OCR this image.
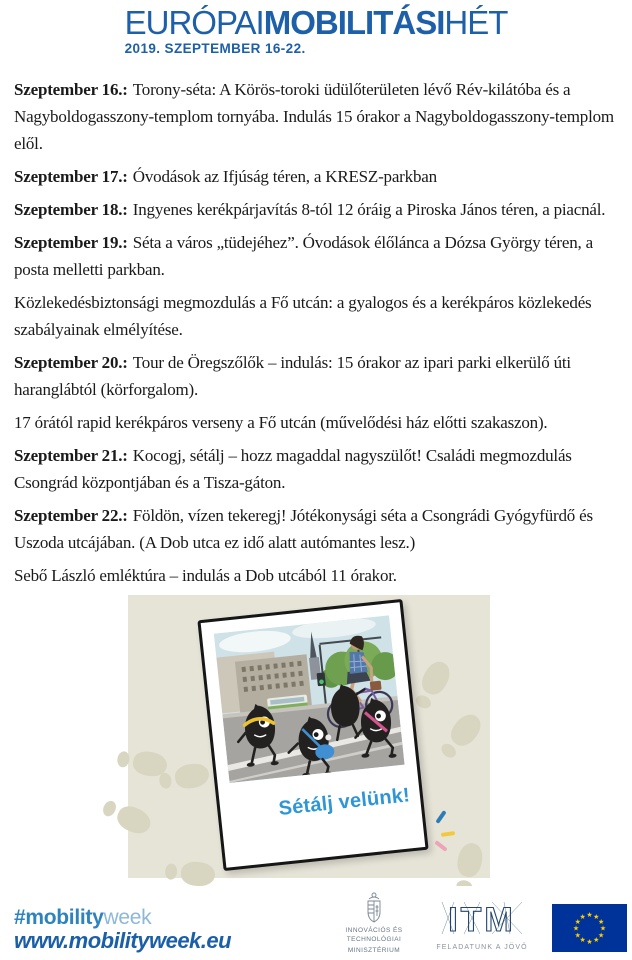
EURÓPAIMOBILITÁSIHÉT
2019. SZEPTEMBER 16-22.

Szeptember 16.: Torony-séta: A Körös-toroki üdülőterületen lévő Rév-kilátóba és a Nagyboldogasszony-templom tornyába. Indulás 15 órakor a Nagyboldogasszony-templom elől.

Szeptember 17.: Óvodások az Ifjúság téren, a KRESZ-parkban

Szeptember 18.: Ingyenes kerékpárjavítás 8-tól 12 óráig a Piroska János téren, a piacnál.

Szeptember 19.: Séta a város „tüdejéhez”. Óvodások élőlánca a Dózsa György téren, a posta melletti parkban.

Közlekedésbiztonsági megmozdulás a Fő utcán: a gyalogos és a kerékpáros közlekedés szabályainak elmélyítése.

Szeptember 20.: Tour de Öregszőlők – indulás: 15 órakor az ipari parki elkerülő úti haranglábtól (körforgalom).

17 órától rapid kerékpáros verseny a Fő utcán (művelődési ház előtti szakaszon).

Szeptember 21.: Kocogj, sétálj – hozz magaddal nagyszülőt! Családi megmozdulás Csongrád központjában és a Tisza-gáton.

Szeptember 22.: Földön, vízen tekeregj! Jótékonysági séta a Csongrádi Gyógyfürdő és Uszoda utcájában. (A Dob utca ez idő alatt autómantes lesz.)

Sebő László emléktúra – indulás a Dob utcából 11 órakor.

Sétálj velünk!
#mobilityweek
www.mobilityweek.eu	INNOVÁCIÓS ÉS TECHNOLÓGIAI
MINISZTÉRIUM
ITM
FELADATUNK A JÖVŐ
★ ★
★
★
★
★
★
★
★
★
★
★
